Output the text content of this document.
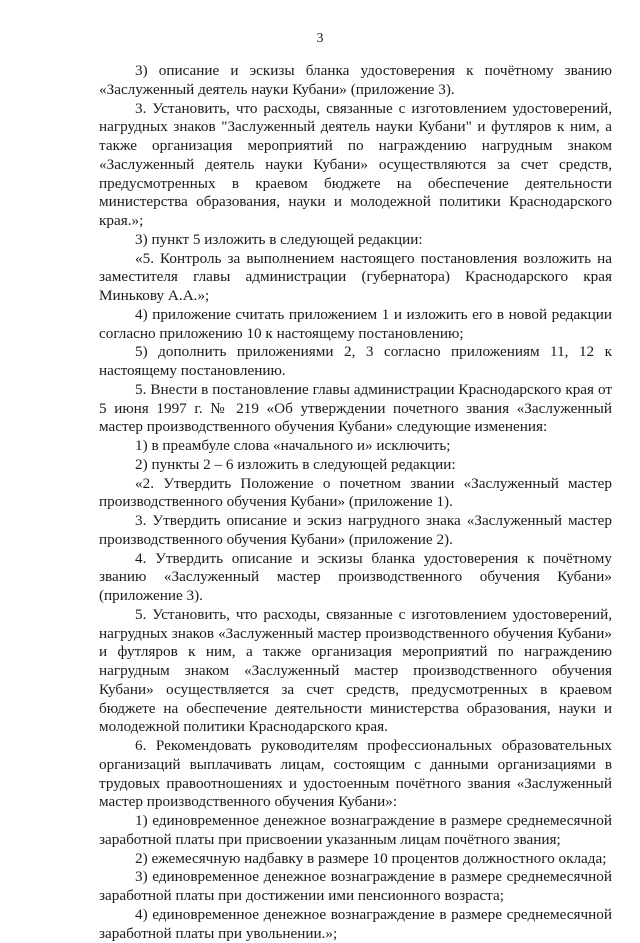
3

3) описание и эскизы бланка удостоверения к почётному званию «Заслуженный деятель науки Кубани» (приложение 3).

3. Установить, что расходы, связанные с изготовлением удостоверений, нагрудных знаков "Заслуженный деятель науки Кубани" и футляров к ним, а также организация мероприятий по награждению нагрудным знаком «Заслуженный деятель науки Кубани» осуществляются за счет средств, предусмотренных в краевом бюджете на обеспечение деятельности министерства образования, науки и молодежной политики Краснодарского края.»;

3) пункт 5 изложить в следующей редакции:

«5. Контроль за выполнением настоящего постановления возложить на заместителя главы администрации (губернатора) Краснодарского края Минькову А.А.»;

4) приложение считать приложением 1 и изложить его в новой редакции согласно приложению 10 к настоящему постановлению;

5) дополнить приложениями 2, 3 согласно приложениям 11, 12 к настоящему постановлению.

5. Внести в постановление главы администрации Краснодарского края от 5 июня 1997 г. № 219 «Об утверждении почетного звания «Заслуженный мастер производственного обучения Кубани» следующие изменения:

1) в преамбуле слова «начального и» исключить;

2) пункты 2 – 6 изложить в следующей редакции:

«2. Утвердить Положение о почетном звании «Заслуженный мастер производственного обучения Кубани» (приложение 1).

3. Утвердить описание и эскиз нагрудного знака «Заслуженный мастер производственного обучения Кубани» (приложение 2).

4. Утвердить описание и эскизы бланка удостоверения к почётному званию «Заслуженный мастер производственного обучения Кубани» (приложение 3).

5. Установить, что расходы, связанные с изготовлением удостоверений, нагрудных знаков «Заслуженный мастер производственного обучения Кубани» и футляров к ним, а также организация мероприятий по награждению нагрудным знаком «Заслуженный мастер производственного обучения Кубани» осуществляется за счет средств, предусмотренных в краевом бюджете на обеспечение деятельности министерства образования, науки и молодежной политики Краснодарского края.

6. Рекомендовать руководителям профессиональных образовательных организаций выплачивать лицам, состоящим с данными организациями в трудовых правоотношениях и удостоенным почётного звания «Заслуженный мастер производственного обучения Кубани»:

1) единовременное денежное вознаграждение в размере среднемесячной заработной платы при присвоении указанным лицам почётного звания;

2) ежемесячную надбавку в размере 10 процентов должностного оклада;

3) единовременное денежное вознаграждение в размере среднемесячной заработной платы при достижении ими пенсионного возраста;

4) единовременное денежное вознаграждение в размере среднемесячной заработной платы при увольнении.»;
